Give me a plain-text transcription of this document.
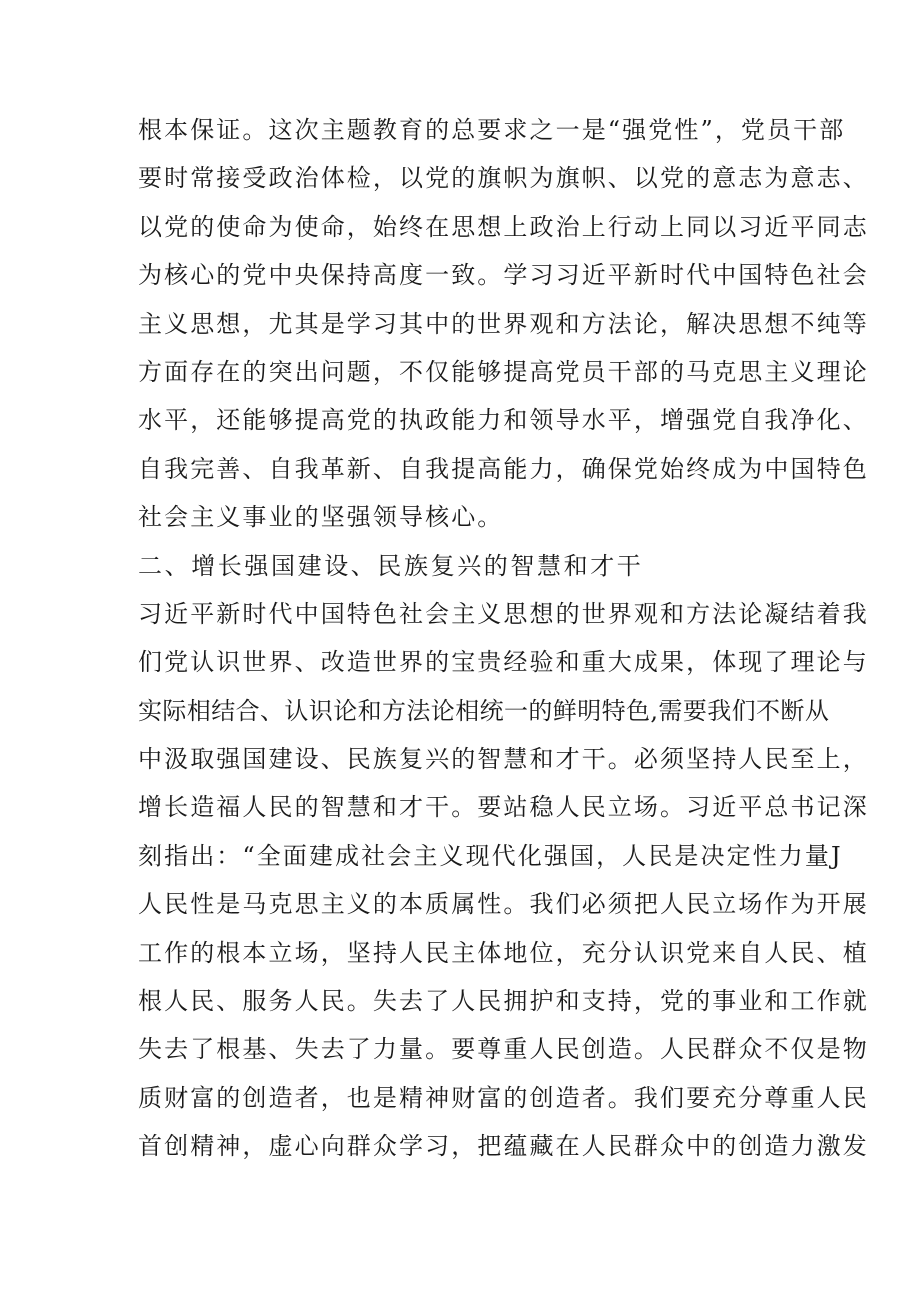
根本保证。这次主题教育的总要求之一是“强党性”，党员干部
要时常接受政治体检，以党的旗帜为旗帜、以党的意志为意志、
以党的使命为使命，始终在思想上政治上行动上同以习近平同志
为核心的党中央保持高度一致。学习习近平新时代中国特色社会
主义思想，尤其是学习其中的世界观和方法论，解决思想不纯等
方面存在的突出问题，不仅能够提高党员干部的马克思主义理论
水平，还能够提高党的执政能力和领导水平，增强党自我净化、
自我完善、自我革新、自我提高能力，确保党始终成为中国特色
社会主义事业的坚强领导核心。
二、增长强国建设、民族复兴的智慧和才干
习近平新时代中国特色社会主义思想的世界观和方法论凝结着我
们党认识世界、改造世界的宝贵经验和重大成果，体现了理论与
实际相结合、认识论和方法论相统一的鲜明特色,需要我们不断从
中汲取强国建设、民族复兴的智慧和才干。必须坚持人民至上，
增长造福人民的智慧和才干。要站稳人民立场。习近平总书记深
刻指出：“全面建成社会主义现代化强国，人民是决定性力量J
人民性是马克思主义的本质属性。我们必须把人民立场作为开展
工作的根本立场，坚持人民主体地位，充分认识党来自人民、植
根人民、服务人民。失去了人民拥护和支持，党的事业和工作就
失去了根基、失去了力量。要尊重人民创造。人民群众不仅是物
质财富的创造者，也是精神财富的创造者。我们要充分尊重人民
首创精神，虚心向群众学习，把蕴藏在人民群众中的创造力激发
